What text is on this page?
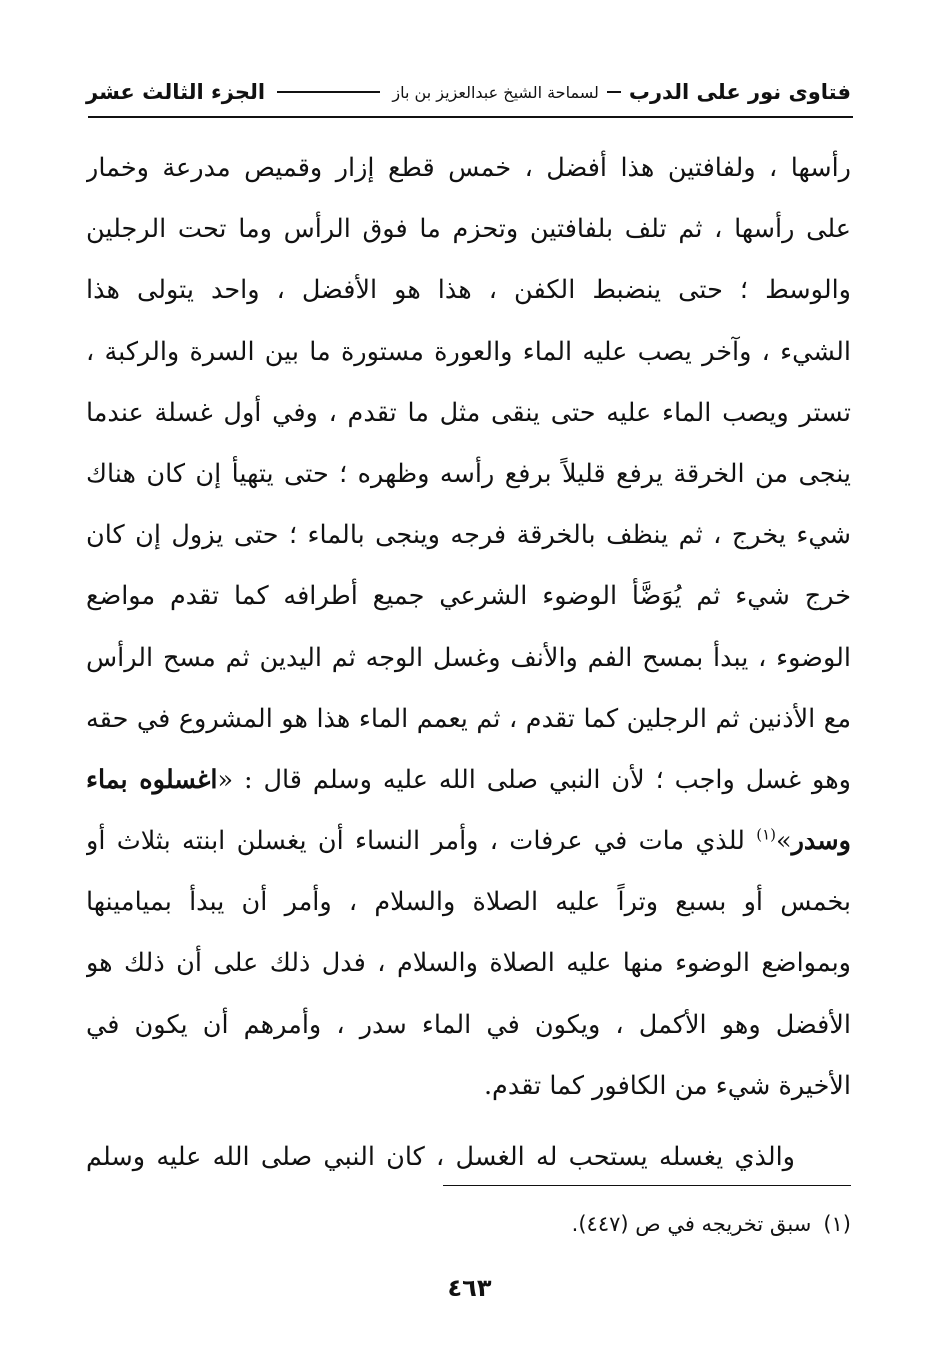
فتاوى نور على الدرب
لسماحة الشيخ عبدالعزيز بن باز
الجزء الثالث عشر
رأسها ، ولفافتين هذا أفضل ، خمس قطع إزار وقميص مدرعة وخمار
على رأسها ، ثم تلف بلفافتين وتحزم ما فوق الرأس وما تحت الرجلين
والوسط ؛ حتى ينضبط الكفن ، هذا هو الأفضل ، واحد يتولى هذا
الشيء ، وآخر يصب عليه الماء والعورة مستورة ما بين السرة والركبة ،
تستر ويصب الماء عليه حتى ينقى مثل ما تقدم ، وفي أول غسلة عندما
ينجى من الخرقة يرفع قليلاً برفع رأسه وظهره ؛ حتى يتهيأ إن كان هناك
شيء يخرج ، ثم ينظف بالخرقة فرجه وينجى بالماء ؛ حتى يزول إن كان
خرج شيء ثم يُوَضَّأ الوضوء الشرعي جميع أطرافه كما تقدم مواضع
الوضوء ، يبدأ بمسح الفم والأنف وغسل الوجه ثم اليدين ثم مسح الرأس
مع الأذنين ثم الرجلين كما تقدم ، ثم يعمم الماء هذا هو المشروع في حقه
وهو غسل واجب ؛ لأن النبي صلى الله عليه وسلم قال : «اغسلوه بماء
وسدر»$^{(١)}$ للذي مات في عرفات ، وأمر النساء أن يغسلن ابنته بثلاث أو
بخمس أو بسبع وتراً عليه الصلاة والسلام ، وأمر أن يبدأ بميامينها
وبمواضع الوضوء منها عليه الصلاة والسلام ، فدل ذلك على أن ذلك هو
الأفضل وهو الأكمل ، ويكون في الماء سدر ، وأمرهم أن يكون في
الأخيرة شيء من الكافور كما تقدم.
والذي يغسله يستحب له الغسل ، كان النبي صلى الله عليه وسلم
(١)سبق تخريجه في ص (٤٤٧).
٤٦٣
